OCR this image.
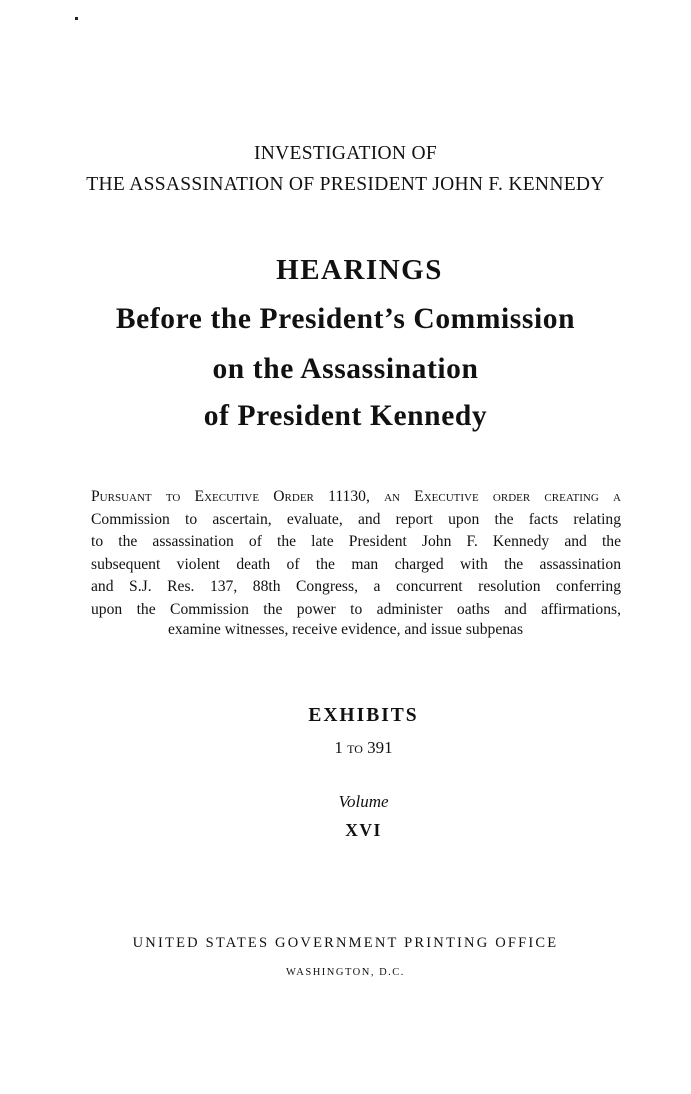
INVESTIGATION OF
THE ASSASSINATION OF PRESIDENT JOHN F. KENNEDY
HEARINGS
Before the President’s Commission
on the Assassination
of President Kennedy
Pursuant to Executive Order 11130, an Executive order creating a
Commission to ascertain, evaluate, and report upon the facts relating
to the assassination of the late President John F. Kennedy and the
subsequent violent death of the man charged with the assassination
and S.J. Res. 137, 88th Congress, a concurrent resolution conferring
upon the Commission the power to administer oaths and affirmations,
examine witnesses, receive evidence, and issue subpenas
EXHIBITS
1 to 391
Volume
XVI
UNITED STATES GOVERNMENT PRINTING OFFICE
WASHINGTON, D.C.
